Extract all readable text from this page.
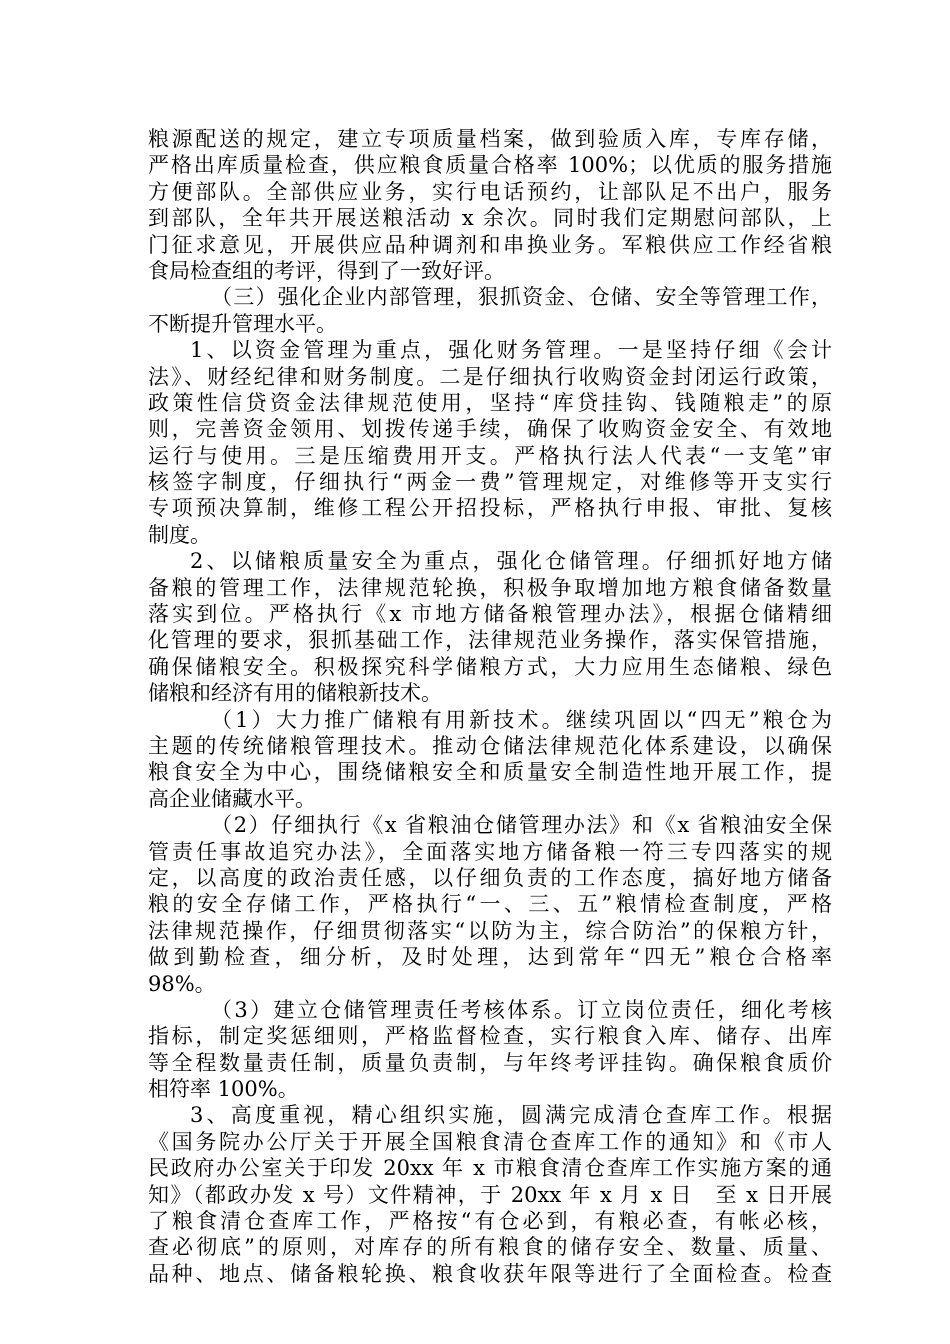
粮源配送的规定，建立专项质量档案，做到验质入库，专库存储，
严格出库质量检查，供应粮食质量合格率 100%；以优质的服务措施
方便部队。全部供应业务，实行电话预约，让部队足不出户，服务
到部队，全年共开展送粮活动 x 余次。同时我们定期慰问部队，上
门征求意见，开展供应品种调剂和串换业务。军粮供应工作经省粮
食局检查组的考评，得到了一致好评。
（三）强化企业内部管理，狠抓资金、仓储、安全等管理工作，
不断提升管理水平。
1、以资金管理为重点，强化财务管理。一是坚持仔细《会计
法》、财经纪律和财务制度。二是仔细执行收购资金封闭运行政策，
政策性信贷资金法律规范使用，坚持“库贷挂钩、钱随粮走”的原
则，完善资金领用、划拨传递手续，确保了收购资金安全、有效地
运行与使用。三是压缩费用开支。严格执行法人代表“一支笔”审
核签字制度，仔细执行“两金一费”管理规定，对维修等开支实行
专项预决算制，维修工程公开招投标，严格执行申报、审批、复核
制度。
2、以储粮质量安全为重点，强化仓储管理。仔细抓好地方储
备粮的管理工作，法律规范轮换，积极争取增加地方粮食储备数量
落实到位。严格执行《x 市地方储备粮管理办法》，根据仓储精细
化管理的要求，狠抓基础工作，法律规范业务操作，落实保管措施，
确保储粮安全。积极探究科学储粮方式，大力应用生态储粮、绿色
储粮和经济有用的储粮新技术。
（1）大力推广储粮有用新技术。继续巩固以“四无”粮仓为
主题的传统储粮管理技术。推动仓储法律规范化体系建设，以确保
粮食安全为中心，围绕储粮安全和质量安全制造性地开展工作，提
高企业储藏水平。
（2）仔细执行《x 省粮油仓储管理办法》和《x 省粮油安全保
管责任事故追究办法》，全面落实地方储备粮一符三专四落实的规
定，以高度的政治责任感，以仔细负责的工作态度，搞好地方储备
粮的安全存储工作，严格执行“一、三、五”粮情检查制度，严格
法律规范操作，仔细贯彻落实“以防为主，综合防治”的保粮方针，
做到勤检查，细分析，及时处理，达到常年“四无”粮仓合格率
98%。
（3）建立仓储管理责任考核体系。订立岗位责任，细化考核
指标，制定奖惩细则，严格监督检查，实行粮食入库、储存、出库
等全程数量责任制，质量负责制，与年终考评挂钩。确保粮食质价
相符率 100%。
3、高度重视，精心组织实施，圆满完成清仓查库工作。根据
《国务院办公厅关于开展全国粮食清仓查库工作的通知》和《市人
民政府办公室关于印发 20xx 年 x 市粮食清仓查库工作实施方案的通
知》（都政办发 x 号）文件精神，于 20xx 年 x 月 x 日　至 x 日开展
了粮食清仓查库工作，严格按“有仓必到，有粮必查，有帐必核，
查必彻底”的原则，对库存的所有粮食的储存安全、数量、质量、
品种、地点、储备粮轮换、粮食收获年限等进行了全面检查。检查
